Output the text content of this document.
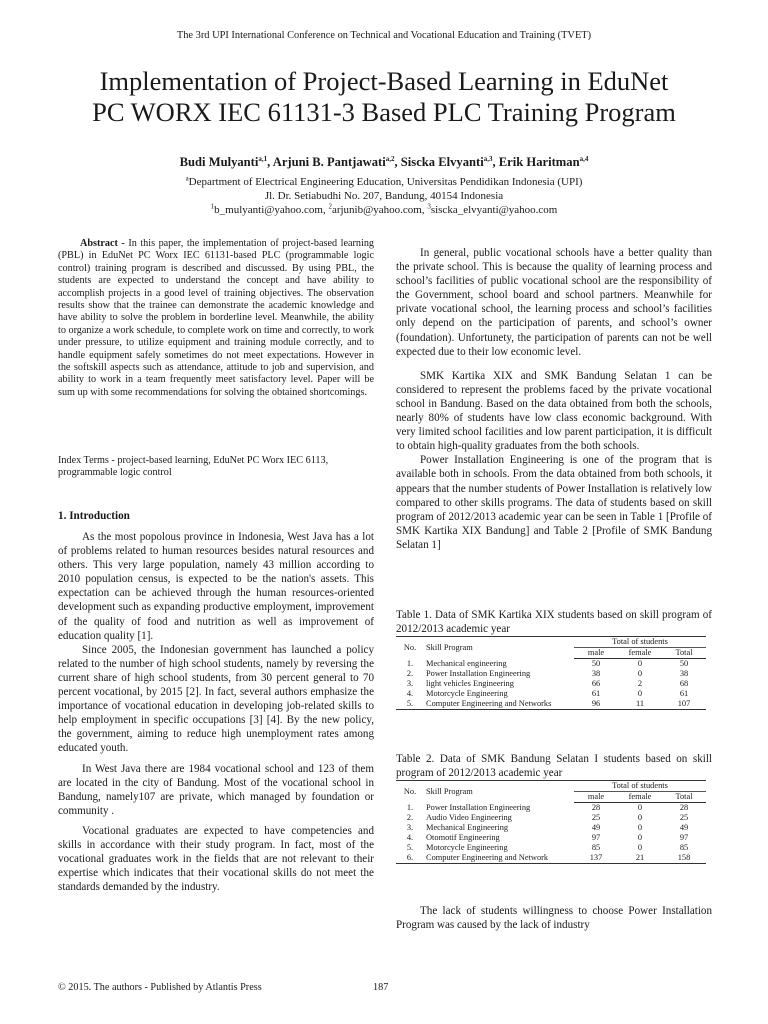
The 3rd UPI International Conference on Technical and Vocational Education and Training (TVET)
Implementation of Project-Based Learning in EduNet
PC WORX IEC 61131-3 Based PLC Training Program
Budi Mulyanti$^{a,1}$, Arjuni B. Pantjawati$^{a,2}$, Siscka Elvyanti$^{a,3}$, Erik Haritman$^{a,4}$
$^a$Department of Electrical Engineering Education, Universitas Pendidikan Indonesia (UPI)
Jl. Dr. Setiabudhi No. 207, Bandung, 40154 Indonesia
$^1$b_mulyanti@yahoo.com, $^2$arjunib@yahoo.com, $^3$siscka_elvyanti@yahoo.com
Abstract - In this paper, the implementation of project-based learning (PBL) in EduNet PC Worx IEC 61131-based PLC (programmable logic control) training program is described and discussed. By using PBL, the students are expected to understand the concept and have ability to accomplish projects in a good level of training objectives. The observation results show that the trainee can demonstrate the academic knowledge and have ability to solve the problem in borderline level. Meanwhile, the ability to organize a work schedule, to complete work on time and correctly, to work under pressure, to utilize equipment and training module correctly, and to handle equipment safely sometimes do not meet expectations. However in the softskill aspects such as attendance, attitude to job and supervision, and ability to work in a team frequently meet satisfactory level. Paper will be sum up with some recommendations for solving the obtained shortcomings.
Index Terms - project-based learning, EduNet PC Worx IEC 6113, programmable logic control
1. Introduction

As the most popolous province in Indonesia, West Java has a lot of problems related to human resources besides natural resources and others. This very large population, namely 43 million according to 2010 population census, is expected to be the nation's assets. This expectation can be achieved through the human resources-oriented development such as expanding productive employment, improvement of the quality of food and nutrition as well as improvement of education quality [1].

Since 2005, the Indonesian government has launched a policy related to the number of high school students, namely by reversing the current share of high school students, from 30 percent general to 70 percent vocational, by 2015 [2]. In fact, several authors emphasize the importance of vocational education in developing job-related skills to help employment in specific occupations [3] [4]. By the new policy, the government, aiming to reduce high unemployment rates among educated youth.

In West Java there are 1984 vocational school and 123 of them are located in the city of Bandung. Most of the vocational school in Bandung, namely107 are private, which managed by foundation or community .

Vocational graduates are expected to have competencies and skills in accordance with their study program. In fact, most of the vocational graduates work in the fields that are not relevant to their expertise which indicates that their vocational skills do not meet the standards demanded by the industry.

In general, public vocational schools have a better quality than the private school. This is because the quality of learning process and school’s facilities of public vocational school are the responsibility of the Government, school board and school partners. Meanwhile for private vocational school, the learning process and school’s facilities only depend on the participation of parents, and school’s owner (foundation). Unfortunety, the participation of parents can not be well expected due to their low economic level.

SMK Kartika XIX and SMK Bandung Selatan 1 can be considered to represent the problems faced by the private vocational school in Bandung. Based on the data obtained from both the schools, nearly 80% of students have low class economic background. With very limited school facilities and low parent participation, it is difficult to obtain high-quality graduates from the both schools.

Power Installation Engineering is one of the program that is available both in schools. From the data obtained from both schools, it appears that the number students of Power Installation is relatively low compared to other skills programs. The data of students based on skill program of 2012/2013 academic year can be seen in Table 1 [Profile of SMK Kartika XIX Bandung] and Table 2 [Profile of SMK Bandung Selatan 1]

Table 1. Data of SMK Kartika XIX students based on skill program of 2012/2013 academic year
No.	Skill Program	Total of students		
		male	female	Total
1.	Mechanical engineering	50	0	50
2.	Power Installation Engineering	38	0	38
3.	light vehicles Engineering	66	2	68
4.	Motorcycle Engineering	61	0	61
5.	Computer Engineering and Networks	96	11	107
Table 2. Data of SMK Bandung Selatan I students based on skill program of 2012/2013 academic year
No.	Skill Program	Total of students		
		male	female	Total
1.	Power Installation Engineering	28	0	28
2.	Audio Video Engineering	25	0	25
3.	Mechanical Engineering	49	0	49
4.	Otomotif Engineering	97	0	97
5.	Motorcycle Engineering	85	0	85
6.	Computer Engineering and Network	137	21	158
The lack of students willingness to choose Power Installation Program was caused by the lack of industry
© 2015. The authors - Published by Atlantis Press	187
